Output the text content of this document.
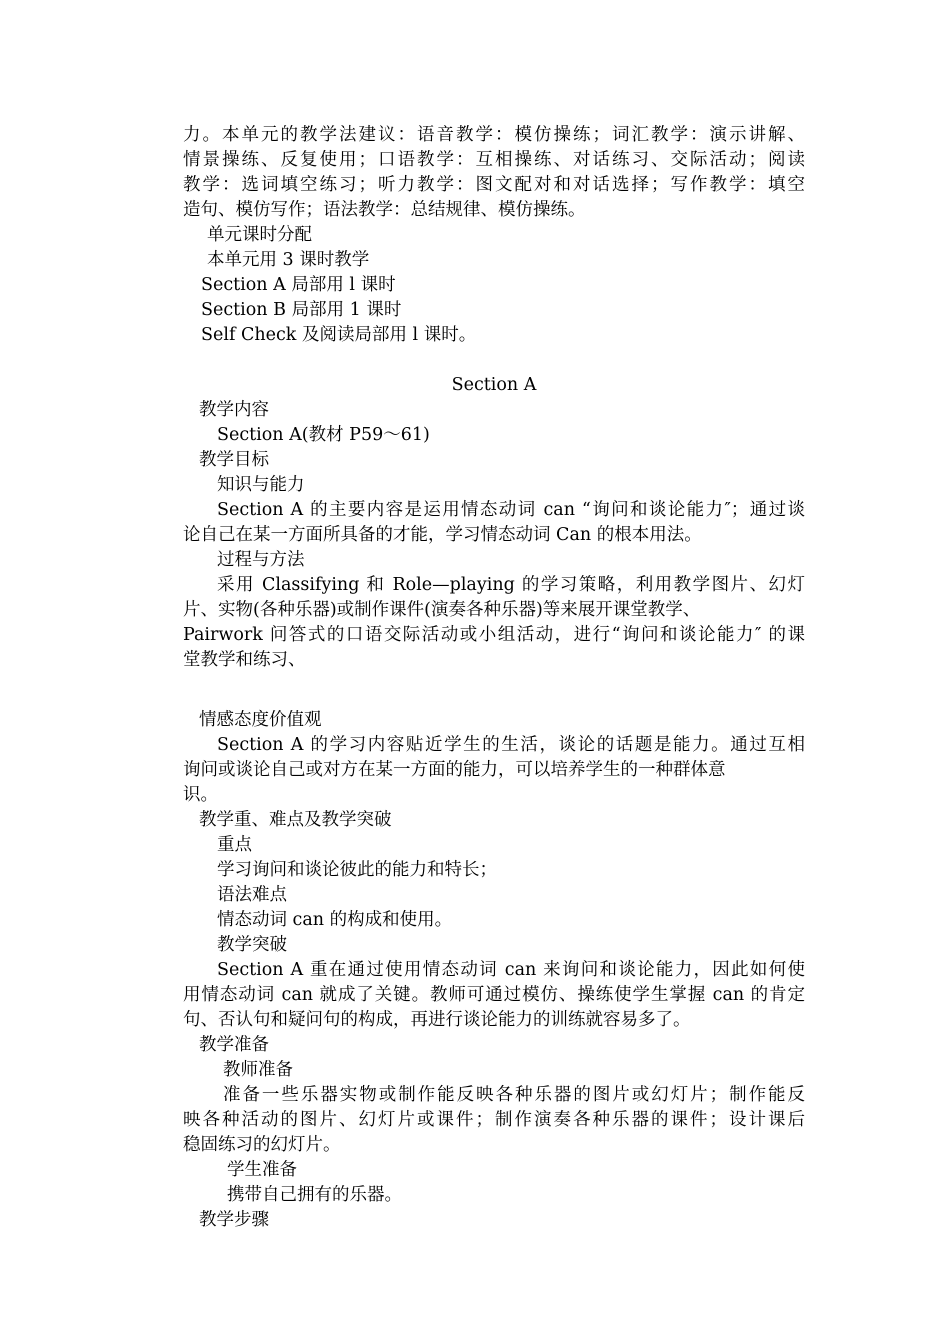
力。本单元的教学法建议：语音教学：模仿操练；词汇教学：演示讲解、
情景操练、反复使用；口语教学：互相操练、对话练习、交际活动；阅读
教学：选词填空练习；听力教学：图文配对和对话选择；写作教学：填空
造句、模仿写作；语法教学：总结规律、模仿操练。
单元课时分配
本单元用 3 课时教学
Section A 局部用 l 课时
Section B 局部用 1 课时
Self Check 及阅读局部用 l 课时。
Section A
教学内容
Section A(教材 P59～61)
教学目标
知识与能力
Section A 的主要内容是运用情态动词 can “询问和谈论能力″；通过谈
论自己在某一方面所具备的才能，学习情态动词 Can 的根本用法。
过程与方法
采用 Classifying 和 Role—playing 的学习策略，利用教学图片、幻灯
片、实物(各种乐器)或制作课件(演奏各种乐器)等来展开课堂教学、
Pairwork 问答式的口语交际活动或小组活动，进行“询问和谈论能力″ 的课
堂教学和练习、
情感态度价值观
Section A 的学习内容贴近学生的生活，谈论的话题是能力。通过互相
询问或谈论自己或对方在某一方面的能力，可以培养学生的一种群体意
识。
教学重、难点及教学突破
重点
学习询问和谈论彼此的能力和特长；
语法难点
情态动词 can 的构成和使用。
教学突破
Section A 重在通过使用情态动词 can 来询问和谈论能力，因此如何使
用情态动词 can 就成了关键。教师可通过模仿、操练使学生掌握 can 的肯定
句、否认句和疑问句的构成，再进行谈论能力的训练就容易多了。
教学准备
教师准备
准备一些乐器实物或制作能反映各种乐器的图片或幻灯片；制作能反
映各种活动的图片、幻灯片或课件；制作演奏各种乐器的课件；设计课后
稳固练习的幻灯片。
学生准备
携带自己拥有的乐器。
教学步骤
